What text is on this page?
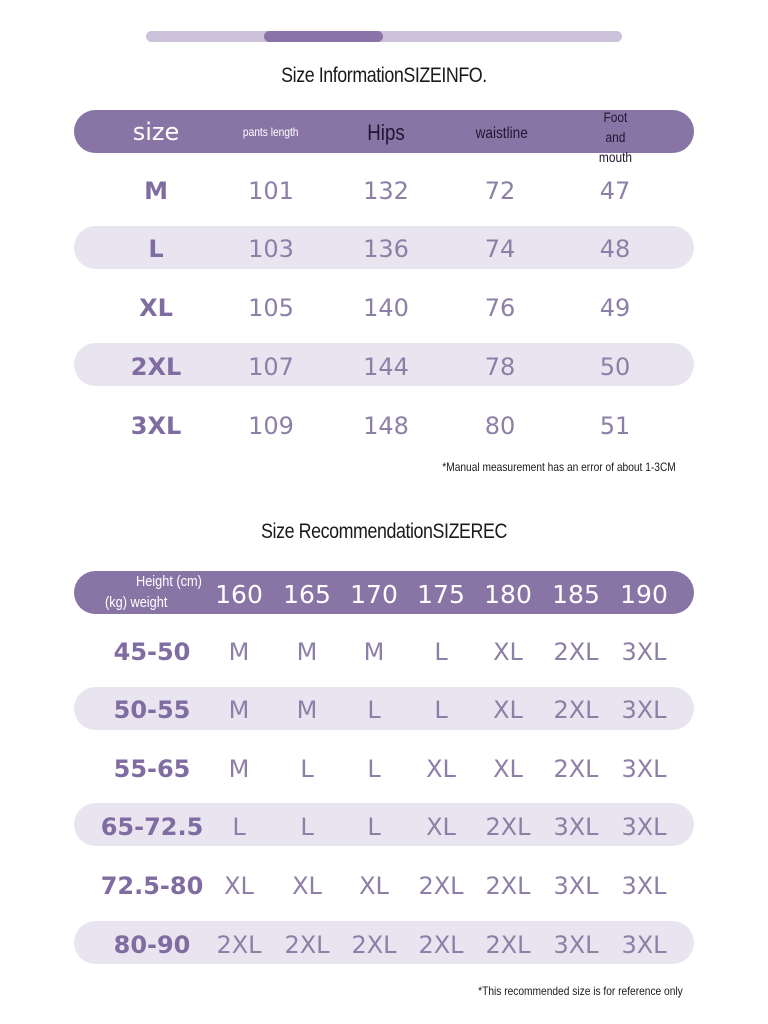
Size InformationSIZEINFO.
size	pants length	Hips	waistline
Foot and mouth
M	101	132	72	47
L	103	136	74	48
XL	105	140	76	49
2XL	107	144	78	50
3XL	109	148	80	51
*Manual measurement has an error of about 1-3CM
Size RecommendationSIZEREC
Height (cm)
(kg) weight 160 165 170 175 180 185 190
45-50 M M M L XL 2XL 3XL
50-55 M M L L XL 2XL 3XL
55-65 M L L XL XL 2XL 3XL
65-72.5 L L L XL 2XL 3XL 3XL
72.5-80 XL XL XL 2XL 2XL 3XL 3XL
80-90 2XL 2XL 2XL 2XL 2XL 3XL 3XL
*This recommended size is for reference only
